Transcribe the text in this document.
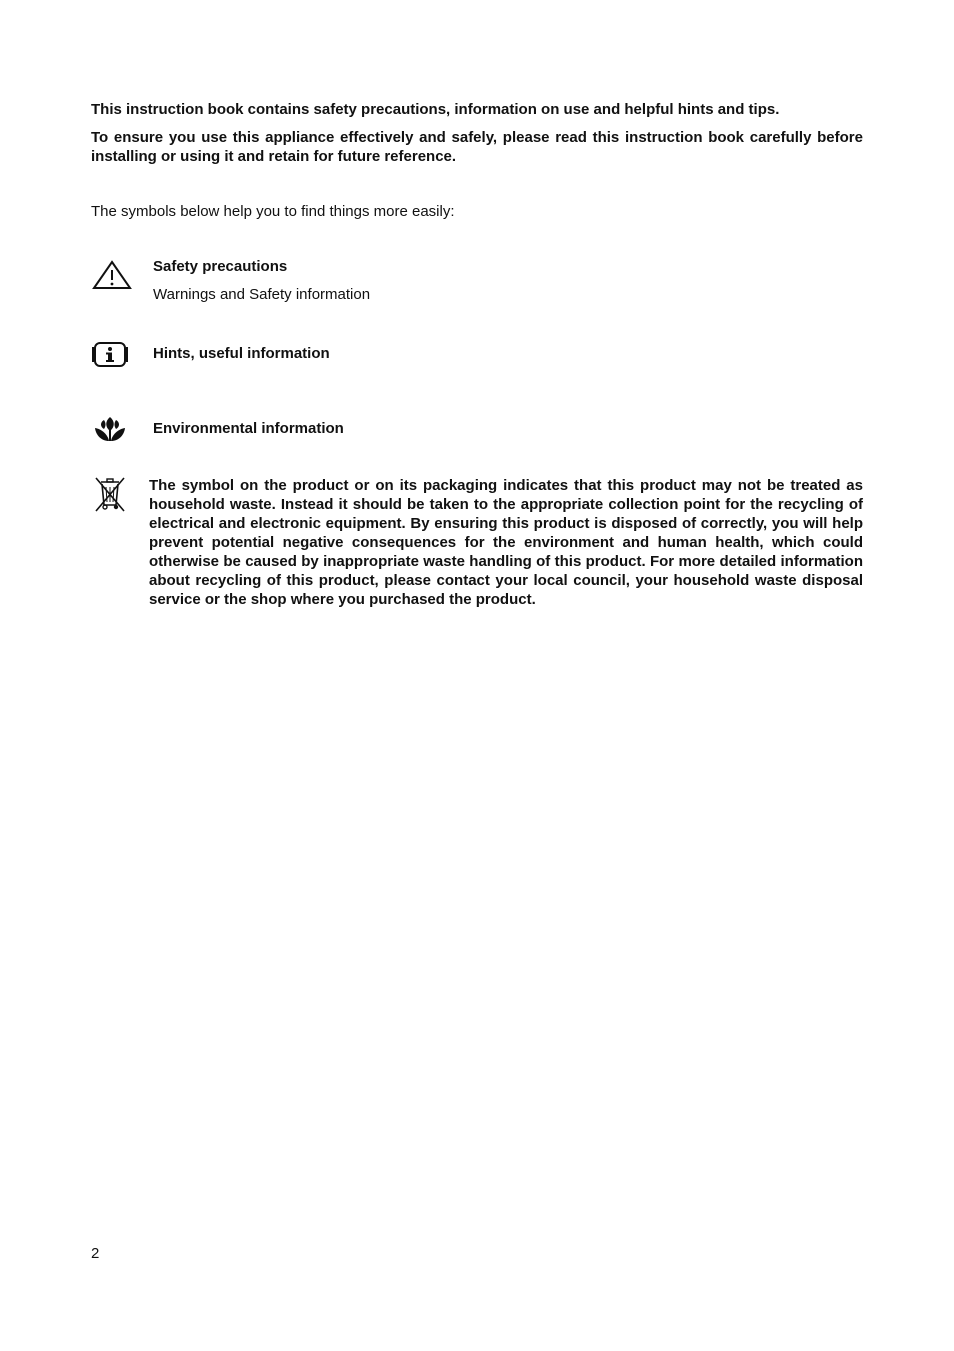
This instruction book contains safety precautions, information on use and helpful hints and tips.

To ensure you use this appliance effectively and safely, please read this instruction book carefully before installing or using it and retain for future reference.

The symbols below help you to find things more easily:

Safety precautions

Warnings and Safety information

Hints, useful information

Environmental information

The symbol on the product or on its packaging indicates that this product may not be treated as household waste. Instead it should be taken to the appropriate collection point for the recycling of electrical and electronic equipment. By ensuring this product is disposed of correctly, you will help prevent potential negative consequences for the environment and human health, which could otherwise be caused by inappropriate waste handling of this product. For more detailed information about recycling of this product, please contact your local council, your household waste disposal service or the shop where you purchased the product.

2
